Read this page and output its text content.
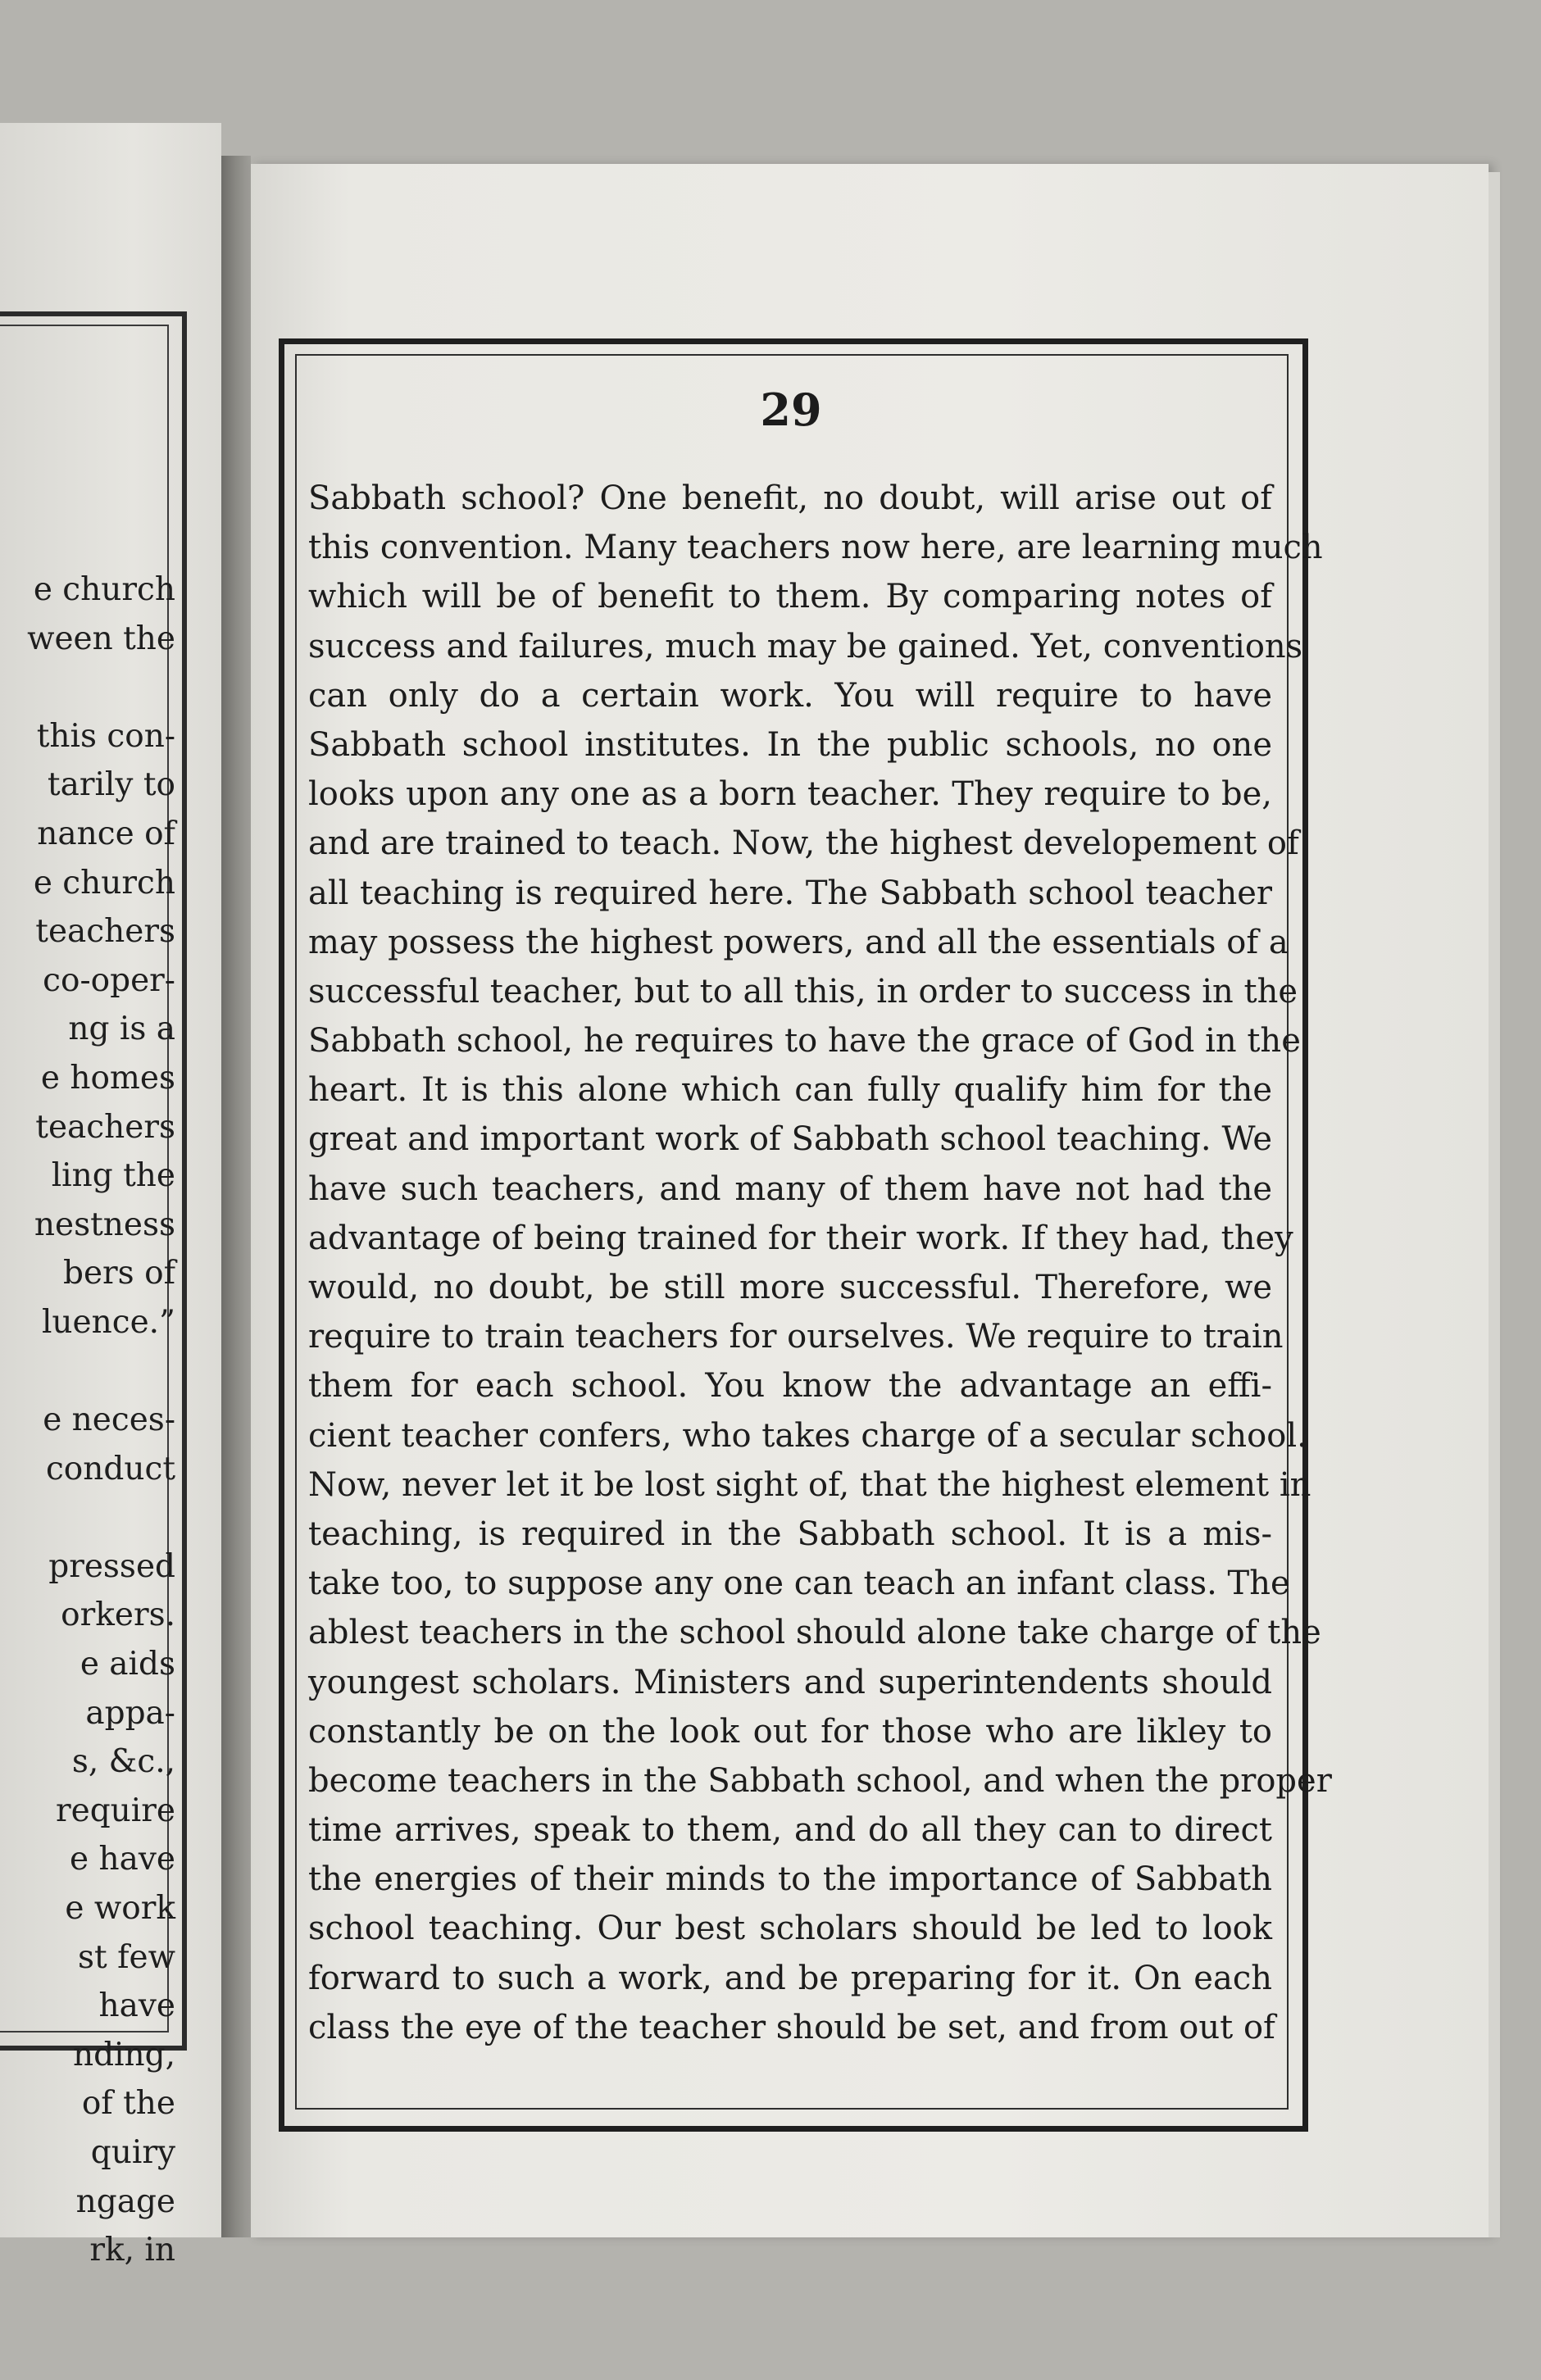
e church
ween the
this con-
tarily to
nance of
e church
teachers
co-oper-
ng is a
e homes
teachers
ling the
nestness
bers of
luence.”
e neces-
conduct
pressed
orkers.
e aids
appa-
s, &c.,
require
e have
e work
st few
have
nding,
of the
quiry
ngage
rk, in

29

Sabbath school? One benefit, no doubt, will arise out of
this convention. Many teachers now here, are learning much
which will be of benefit to them. By comparing notes of
success and failures, much may be gained. Yet, conventions
can only do a certain work. You will require to have
Sabbath school institutes. In the public schools, no one
looks upon any one as a born teacher. They require to be,
and are trained to teach. Now, the highest developement of
all teaching is required here. The Sabbath school teacher
may possess the highest powers, and all the essentials of a
successful teacher, but to all this, in order to success in the
Sabbath school, he requires to have the grace of God in the
heart. It is this alone which can fully qualify him for the
great and important work of Sabbath school teaching. We
have such teachers, and many of them have not had the
advantage of being trained for their work. If they had, they
would, no doubt, be still more successful. Therefore, we
require to train teachers for ourselves. We require to train
them for each school. You know the advantage an effi-
cient teacher confers, who takes charge of a secular school.
Now, never let it be lost sight of, that the highest element in
teaching, is required in the Sabbath school. It is a mis-
take too, to suppose any one can teach an infant class. The
ablest teachers in the school should alone take charge of the
youngest scholars. Ministers and superintendents should
constantly be on the look out for those who are likley to
become teachers in the Sabbath school, and when the proper
time arrives, speak to them, and do all they can to direct
the energies of their minds to the importance of Sabbath
school teaching. Our best scholars should be led to look
forward to such a work, and be preparing for it. On each
class the eye of the teacher should be set, and from out of
